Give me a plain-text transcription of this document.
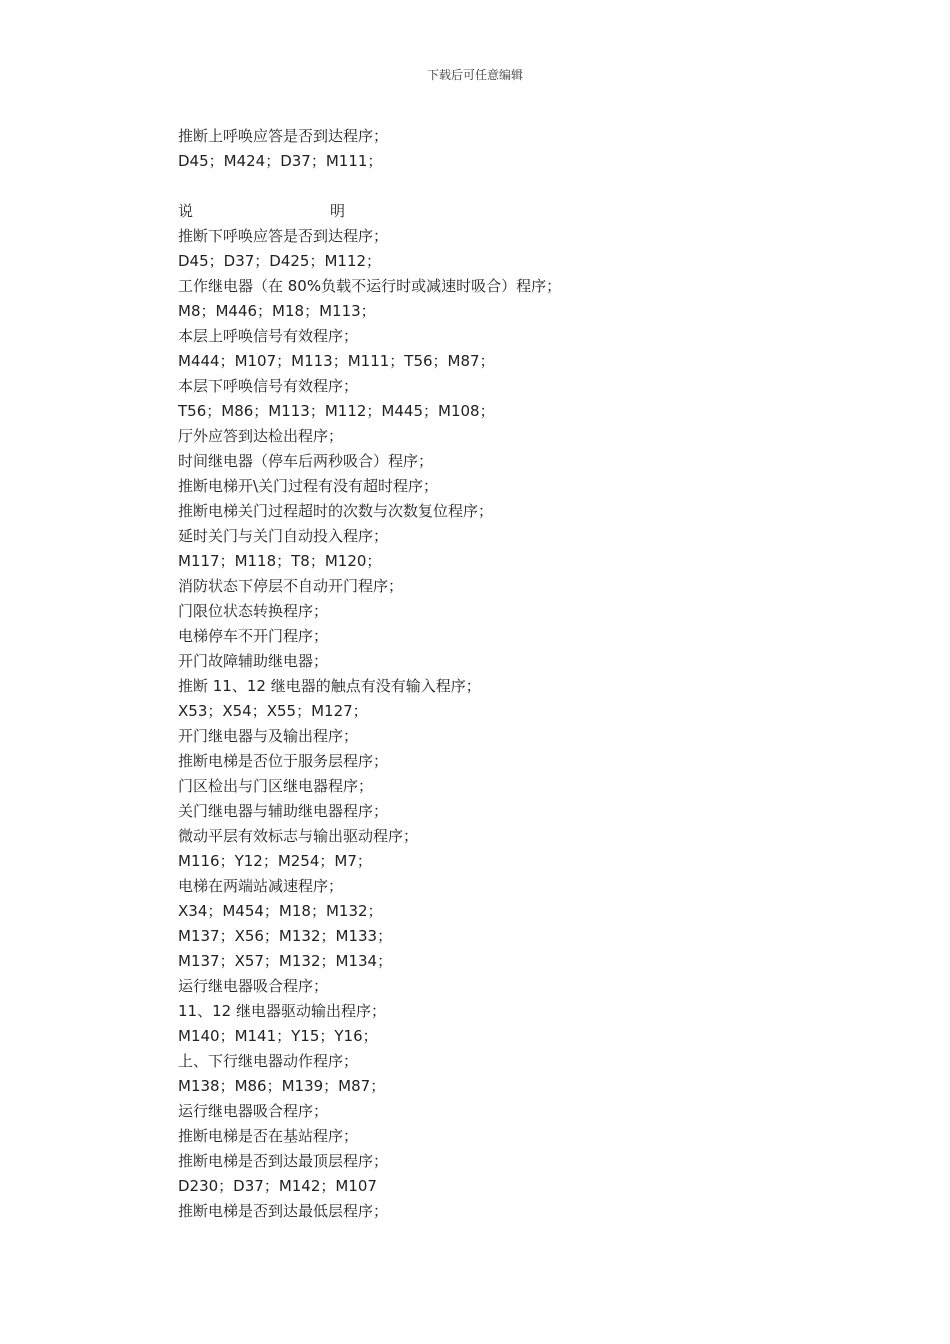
下载后可任意编辑
推断上呼唤应答是否到达程序；
D45；M424；D37；M111；
说	明
推断下呼唤应答是否到达程序；
D45；D37；D425；M112；
工作继电器（在 80%负载不运行时或减速时吸合）程序；
M8；M446；M18；M113；
本层上呼唤信号有效程序；
M444；M107；M113；M111；T56；M87；
本层下呼唤信号有效程序；
T56；M86；M113；M112；M445；M108；
厅外应答到达检出程序；
时间继电器（停车后两秒吸合）程序；
推断电梯开\关门过程有没有超时程序；
推断电梯关门过程超时的次数与次数复位程序；
延时关门与关门自动投入程序；
M117；M118；T8；M120；
消防状态下停层不自动开门程序；
门限位状态转换程序；
电梯停车不开门程序；
开门故障辅助继电器；
推断 11、12 继电器的触点有没有输入程序；
X53；X54；X55；M127；
开门继电器与及输出程序；
推断电梯是否位于服务层程序；
门区检出与门区继电器程序；
关门继电器与辅助继电器程序；
微动平层有效标志与输出驱动程序；
M116；Y12；M254；M7；
电梯在两端站减速程序；
X34；M454；M18；M132；
M137；X56；M132；M133；
M137；X57；M132；M134；
运行继电器吸合程序；
11、12 继电器驱动输出程序；
M140；M141；Y15；Y16；
上、下行继电器动作程序；
M138；M86；M139；M87；
运行继电器吸合程序；
推断电梯是否在基站程序；
推断电梯是否到达最顶层程序；
D230；D37；M142；M107
推断电梯是否到达最低层程序；
